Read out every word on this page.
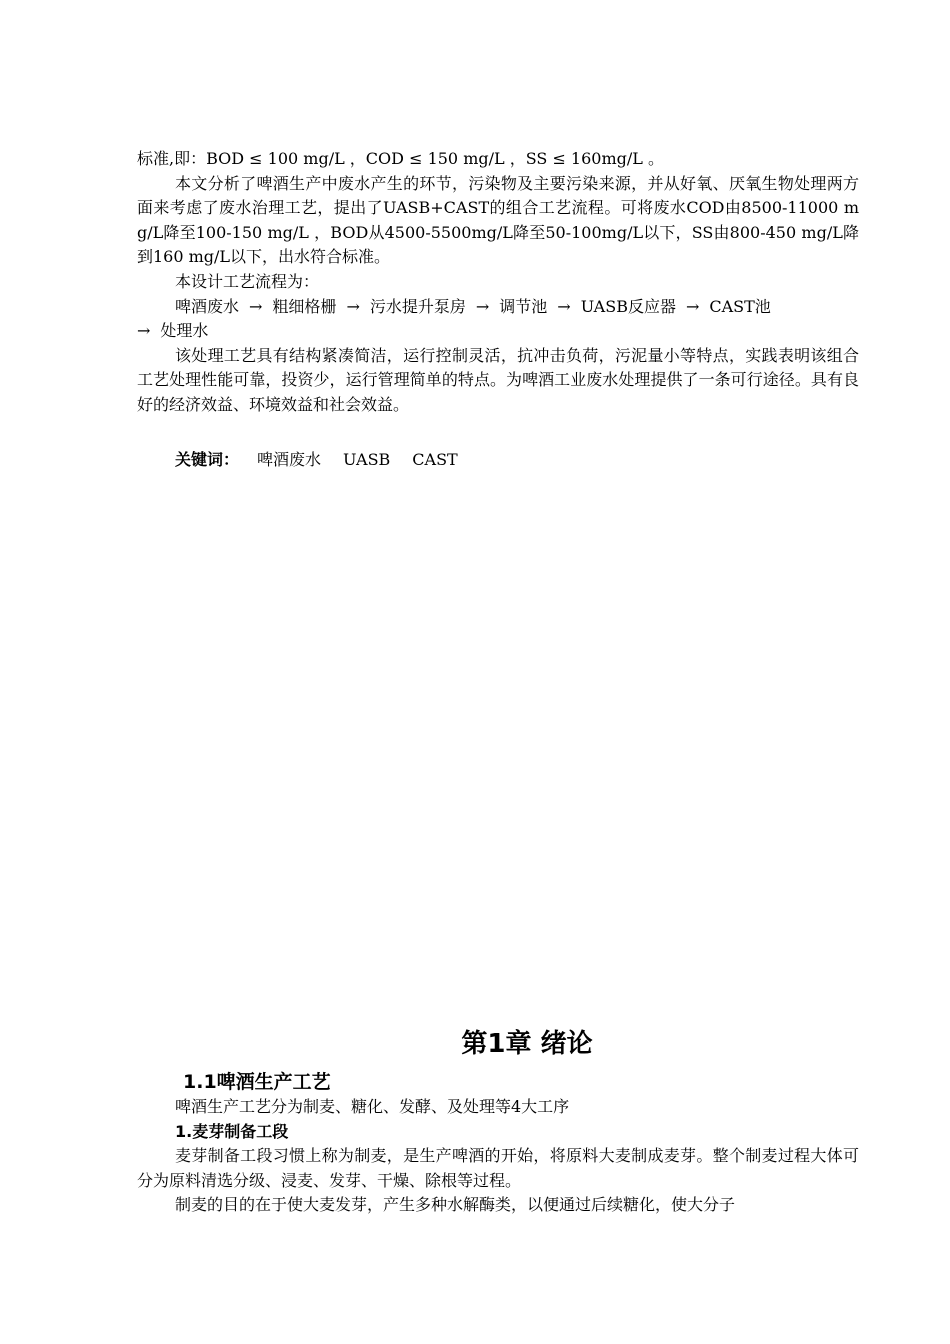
标准,即：BOD ≤ 100 mg/L ，COD ≤ 150 mg/L ，SS ≤ 160mg/L 。

本文分析了啤酒生产中废水产生的环节，污染物及主要污染来源，并从好氧、厌氧生物处理两方面来考虑了废水治理工艺，提出了UASB+CAST的组合工艺流程。可将废水COD由8500-11000 mg/L降至100-150 mg/L ，BOD从4500-5500mg/L降至50-100mg/L以下，SS由800-450 mg/L降到160 mg/L以下，出水符合标准。

本设计工艺流程为：

啤酒废水 → 粗细格栅 → 污水提升泵房 → 调节池 → UASB反应器 → CAST池

→ 处理水

该处理工艺具有结构紧凑简洁，运行控制灵活，抗冲击负荷，污泥量小等特点，实践表明该组合工艺处理性能可靠，投资少，运行管理简单的特点。为啤酒工业废水处理提供了一条可行途径。具有良好的经济效益、环境效益和社会效益。

关键词： 啤酒废水 UASB CAST
第1章 绪论
1.1啤酒生产工艺

啤酒生产工艺分为制麦、糖化、发酵、及处理等4大工序

1.麦芽制备工段

麦芽制备工段习惯上称为制麦，是生产啤酒的开始，将原料大麦制成麦芽。整个制麦过程大体可分为原料清选分级、浸麦、发芽、干燥、除根等过程。

制麦的目的在于使大麦发芽，产生多种水解酶类，以便通过后续糖化，使大分子
